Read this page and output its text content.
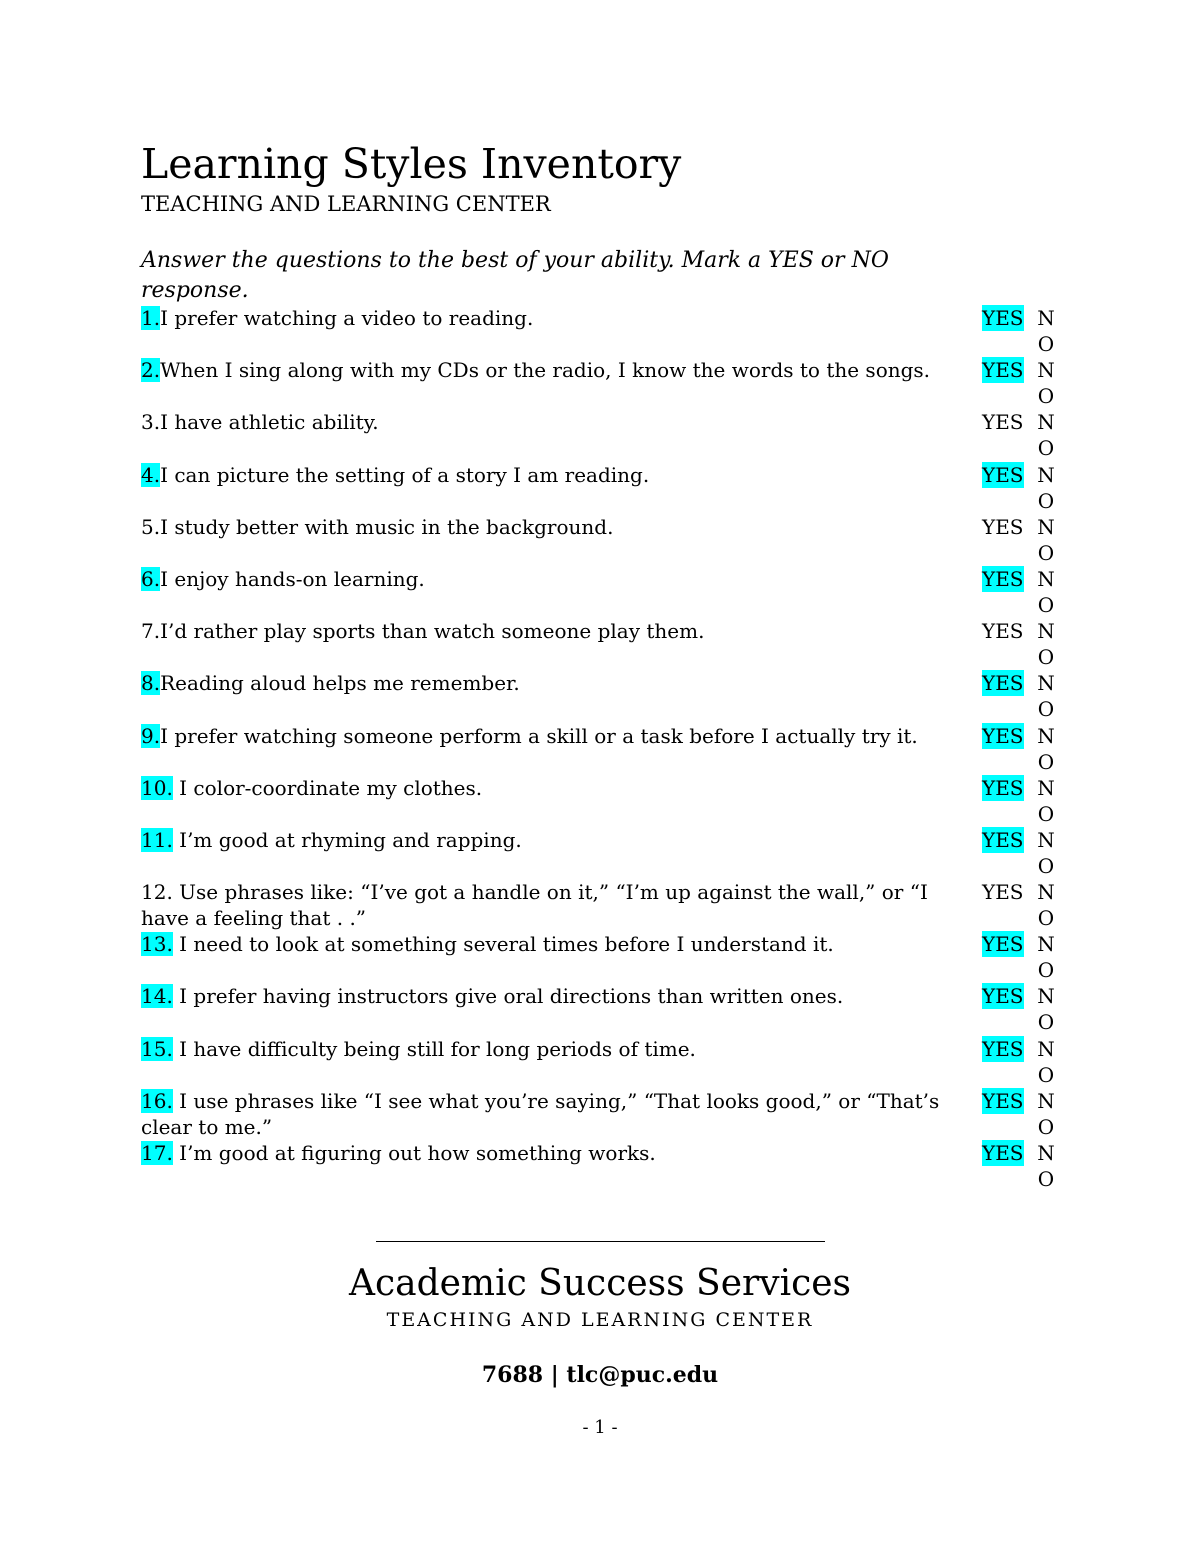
Learning Styles Inventory
TEACHING AND LEARNING CENTER
Answer the questions to the best of your ability. Mark a YES or NO response.
1.I prefer watching a video to reading.	YES N
O
2.When I sing along with my CDs or the radio, I know the words to the songs.	YES N
O
3.I have athletic ability.	YES N
O
4.I can picture the setting of a story I am reading.	YES N
O
5.I study better with music in the background.	YES N
O
6.I enjoy hands-on learning.	YES N
O
7.I’d rather play sports than watch someone play them.	YES N
O
8.Reading aloud helps me remember.	YES N
O
9.I prefer watching someone perform a skill or a task before I actually try it.	YES N
O
10. I color-coordinate my clothes.	YES N
O
11. I’m good at rhyming and rapping.	YES N
O
12. Use phrases like: “I’ve got a handle on it,” “I’m up against the wall,” or “I have a feeling that . .”
YES N
O
13. I need to look at something several times before I understand it.	YES N
O
14. I prefer having instructors give oral directions than written ones.	YES N
O
15. I have difficulty being still for long periods of time.	YES N
O
16. I use phrases like “I see what you’re saying,” “That looks good,” or “That’s clear to me.”
YES N
O
17. I’m good at figuring out how something works.	YES N
O
Academic Success Services
TEACHING AND LEARNING CENTER
7688 | tlc@puc.edu
- 1 -
